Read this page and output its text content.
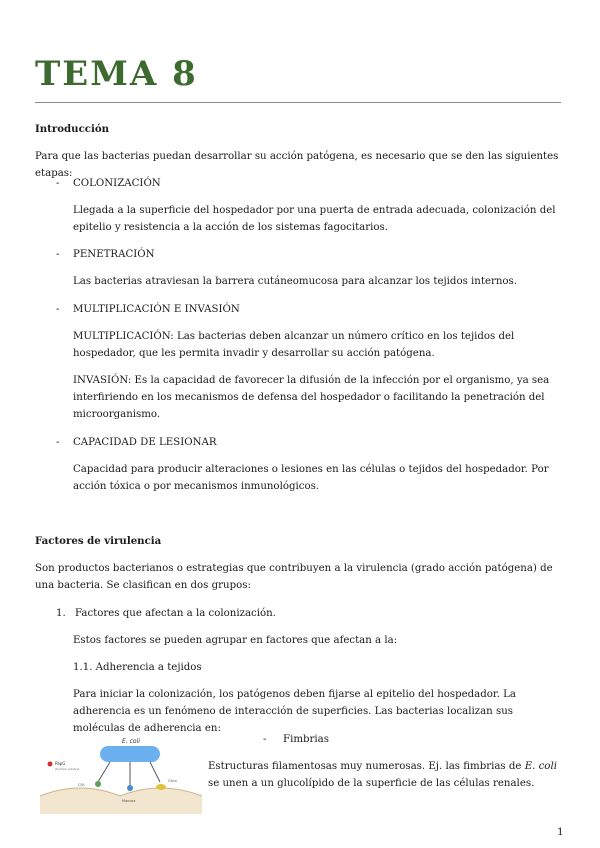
TEMA 8

Introducción

Para que las bacterias puedan desarrollar su acción patógena, es necesario que se den las siguientes etapas:

- COLONIZACIÓN

Llegada a la superficie del hospedador por una puerta de entrada adecuada, colonización del epitelio y resistencia a la acción de los sistemas fagocitarios.

- PENETRACIÓN

Las bacterias atraviesan la barrera cutáneomucosa para alcanzar los tejidos internos.

- MULTIPLICACIÓN E INVASIÓN

MULTIPLICACIÓN: Las bacterias deben alcanzar un número crítico en los tejidos del hospedador, que les permita invadir y desarrollar su acción patógena.

INVASIÓN: Es la capacidad de favorecer la difusión de la infección por el organismo, ya sea interfiriendo en los mecanismos de defensa del hospedador o facilitando la penetración del microorganismo.

- CAPACIDAD DE LESIONAR

Capacidad para producir alteraciones o lesiones en las células o tejidos del hospedador. Por acción tóxica o por mecanismos inmunológicos.

Factores de virulencia

Son productos bacterianos o estrategias que contribuyen a la virulencia (grado acción patógena) de una bacteria. Se clasifican en dos grupos:

1. Factores que afectan a la colonización.

Estos factores se pueden agrupar en factores que afectan a la:

1.1. Adherencia a tejidos

Para iniciar la colonización, los patógenos deben fijarse al epitelio del hospedador. La adherencia es un fenómeno de interacción de superficies. Las bacterias localizan sus moléculas de adherencia en:

- Fimbrias

Estructuras filamentosas muy numerosas. Ej. las fimbrias de E. coli se unen a un glucolípido de la superficie de las células renales.

E. coli
PapG
(human urinary)
CFA
Manosa
Glico
1
